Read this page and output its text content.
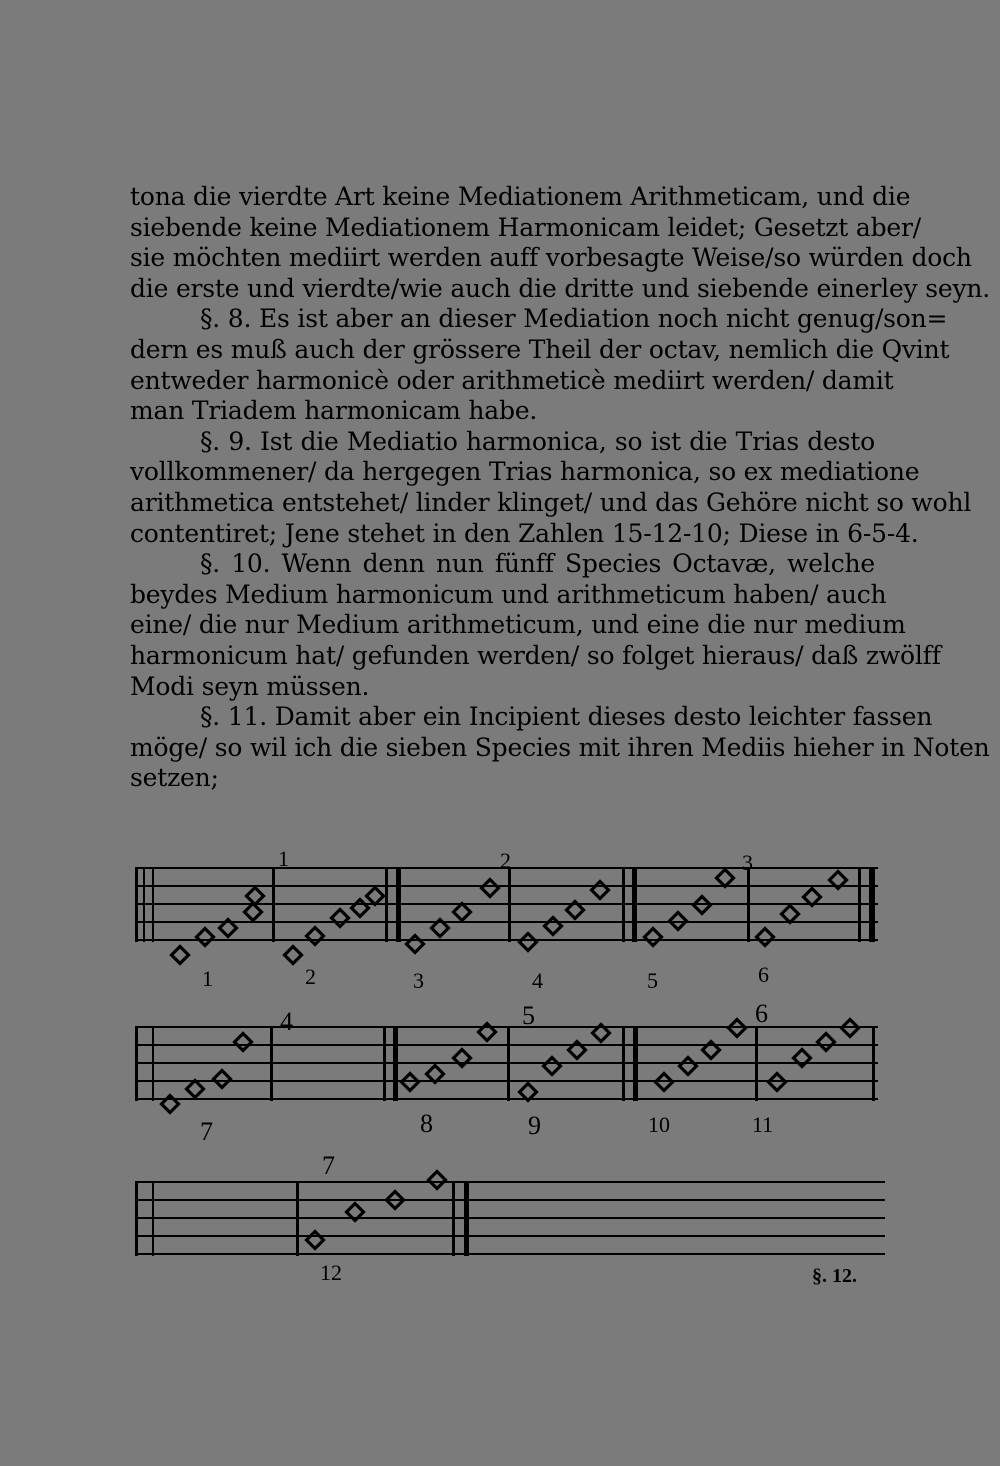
tona die vierdte Art keine Mediationem Arithmeticam, und die
siebende keine Mediationem Harmonicam leidet; Gesetzt aber/
sie möchten mediirt werden auff vorbesagte Weise/so würden doch
die erste und vierdte/wie auch die dritte und siebende einerley seyn.
§. 8. Es ist aber an dieser Mediation noch nicht genug/son=
dern es muß auch der grössere Theil der octav, nemlich die Qvint
entweder harmonicè oder arithmeticè mediirt werden/ damit
man Triadem harmonicam habe.
§. 9. Ist die Mediatio harmonica, so ist die Trias desto
vollkommener/ da hergegen Trias harmonica, so ex mediatione
arithmetica entstehet/ linder klinget/ und das Gehöre nicht so wohl
contentiret; Jene stehet in den Zahlen 15-12-10; Diese in 6-5-4.
§. 10. Wenn denn nun fünff Species Octavæ, welche
beydes Medium harmonicum und arithmeticum haben/ auch
eine/ die nur Medium arithmeticum, und eine die nur medium
harmonicum hat/ gefunden werden/ so folget hieraus/ daß zwölff
Modi seyn müssen.
§. 11. Damit aber ein Incipient dieses desto leichter fassen
möge/ so wil ich die sieben Species mit ihren Mediis hieher in Noten
setzen;
1	2	3
4	5	6
7
1	2	3	4	5	6
7	8	9	10	11
12	§. 12.
